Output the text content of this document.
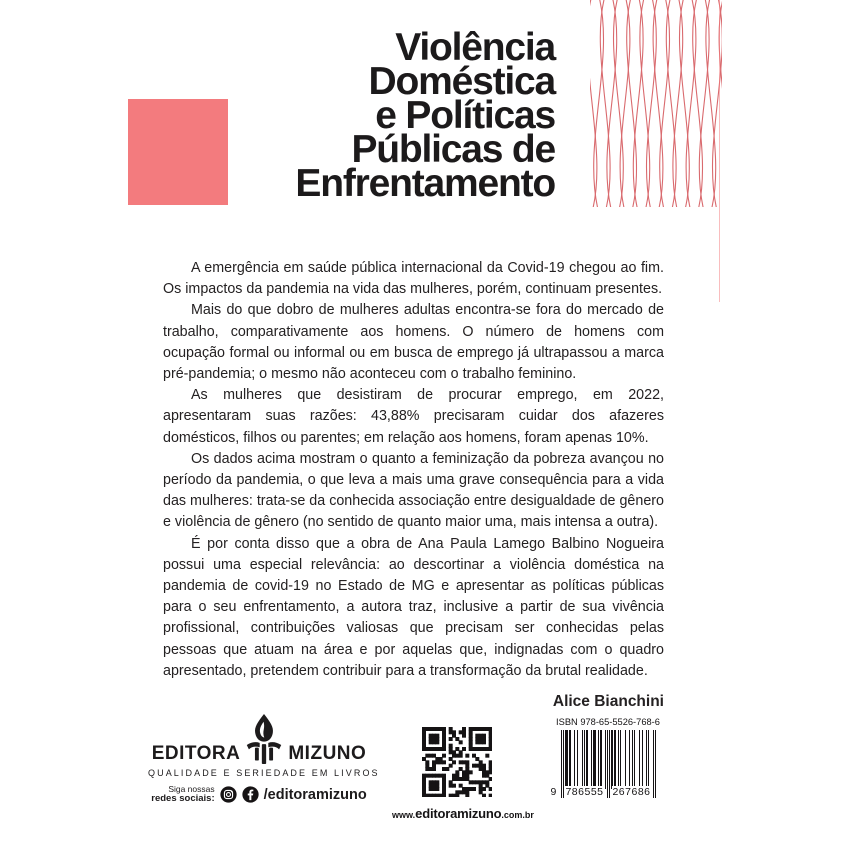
Violência
Doméstica
e Políticas
Públicas de
Enfrentamento

A emergência em saúde pública internacional da Covid-19 chegou ao fim. Os impactos da pandemia na vida das mulheres, porém, continuam presentes.

Mais do que dobro de mulheres adultas encontra-se fora do mercado de trabalho, comparativamente aos homens. O número de homens com ocupação formal ou informal ou em busca de emprego já ultrapassou a marca pré-pandemia; o mesmo não aconteceu com o trabalho feminino.

As mulheres que desistiram de procurar emprego, em 2022, apresentaram suas razões: 43,88% precisaram cuidar dos afazeres domésticos, filhos ou parentes; em relação aos homens, foram apenas 10%.

Os dados acima mostram o quanto a feminização da pobreza avançou no período da pandemia, o que leva a mais uma grave consequência para a vida das mulheres: trata-se da conhecida associação entre desigualdade de gênero e violência de gênero (no sentido de quanto maior uma, mais intensa a outra).

É por conta disso que a obra de Ana Paula Lamego Balbino Nogueira possui uma especial relevância: ao descortinar a violência doméstica na pandemia de covid-19 no Estado de MG e apresentar as políticas públicas para o seu enfrentamento, a autora traz, inclusive a partir de sua vivência profissional, contribuições valiosas que precisam ser conhecidas pelas pessoas que atuam na área e por aquelas que, indignadas com o quadro apresentado, pretendem contribuir para a transformação da brutal realidade.

Alice Bianchini
EDITORA	MIZUNO
QUALIDADE E SERIEDADE EM LIVROS
Siga nossas
redes sociais:	/editoramizuno
www.editoramizuno.com.br
ISBN 978-65-5526-768-6
9 786555 267686
